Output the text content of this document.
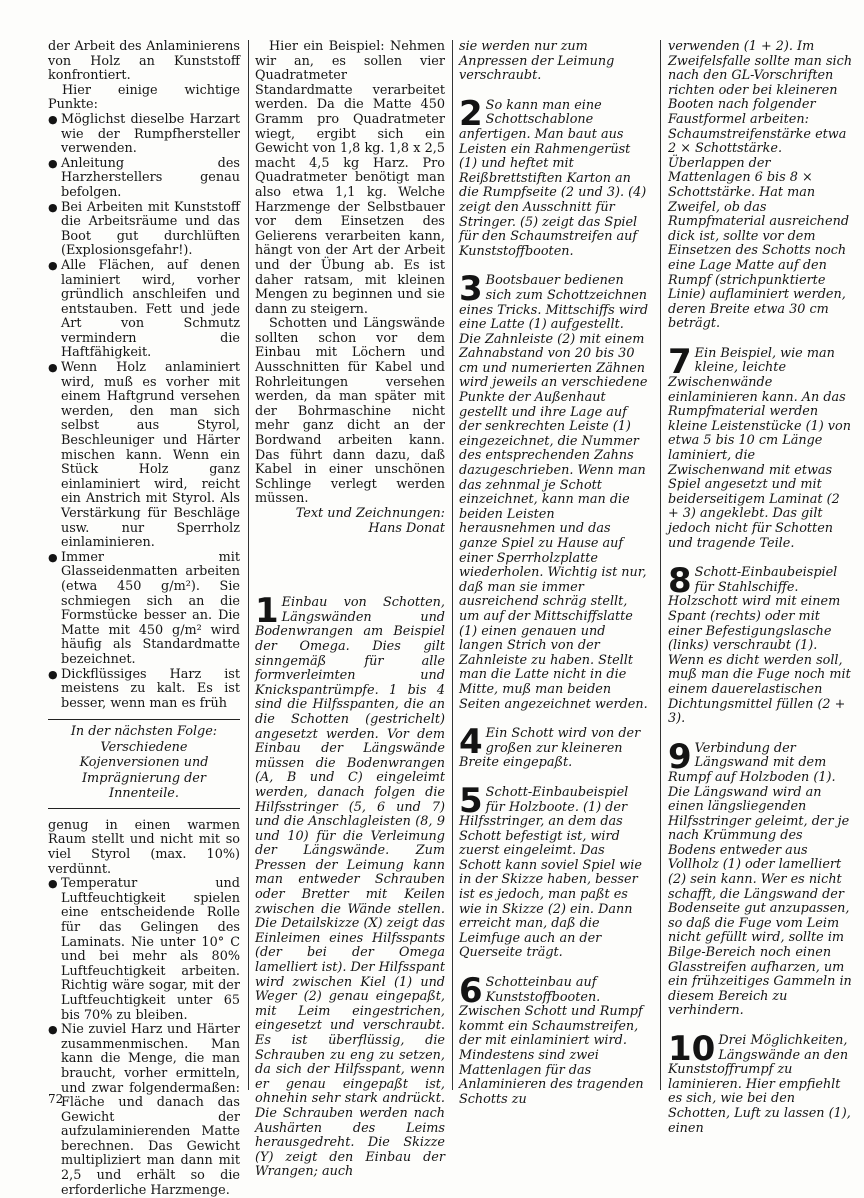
der Arbeit des Anlaminierens von Holz an Kunststoff konfrontiert.

Hier einige wichtige Punkte:

● Möglichst dieselbe Harzart wie der Rumpfhersteller verwenden.
● Anleitung des Harzherstellers genau befolgen.
● Bei Arbeiten mit Kunststoff die Arbeitsräume und das Boot gut durchlüften (Explosionsgefahr!).
● Alle Flächen, auf denen laminiert wird, vorher gründlich anschleifen und entstauben. Fett und jede Art von Schmutz vermindern die Haftfähigkeit.
● Wenn Holz anlaminiert wird, muß es vorher mit einem Haftgrund versehen werden, den man sich selbst aus Styrol, Beschleuniger und Härter mischen kann. Wenn ein Stück Holz ganz einlaminiert wird, reicht ein Anstrich mit Styrol. Als Verstärkung für Beschläge usw. nur Sperrholz einlaminieren.
● Immer mit Glasseidenmatten arbeiten (etwa 450 g/m²). Sie schmiegen sich an die Formstücke besser an. Die Matte mit 450 g/m² wird häufig als Standardmatte bezeichnet.
● Dickflüssiges Harz ist meistens zu kalt. Es ist besser, wenn man es früh
In der nächsten Folge: Verschiedene Kojenversionen und Imprägnierung der Innenteile.

genug in einen warmen Raum stellt und nicht mit so viel Styrol (max. 10%) verdünnt.

● Temperatur und Luftfeuchtigkeit spielen eine entscheidende Rolle für das Gelingen des Laminats. Nie unter 10° C und bei mehr als 80% Luftfeuchtigkeit arbeiten. Richtig wäre sogar, mit der Luftfeuchtigkeit unter 65 bis 70% zu bleiben.
● Nie zuviel Harz und Härter zusammenmischen. Man kann die Menge, die man braucht, vorher ermitteln, und zwar folgendermaßen: Fläche und danach das Gewicht der aufzulaminierenden Matte berechnen. Das Gewicht multipliziert man dann mit 2,5 und erhält so die erforderliche Harzmenge.

Hier ein Beispiel: Nehmen wir an, es sollen vier Quadratmeter Standardmatte verarbeitet werden. Da die Matte 450 Gramm pro Quadratmeter wiegt, ergibt sich ein Gewicht von 1,8 kg. 1,8 x 2,5 macht 4,5 kg Harz. Pro Quadratmeter benötigt man also etwa 1,1 kg. Welche Harzmenge der Selbstbauer vor dem Einsetzen des Gelierens verarbeiten kann, hängt von der Art der Arbeit und der Übung ab. Es ist daher ratsam, mit kleinen Mengen zu beginnen und sie dann zu steigern.

Schotten und Längswände sollten schon vor dem Einbau mit Löchern und Ausschnitten für Kabel und Rohrleitungen versehen werden, da man später mit der Bohrmaschine nicht mehr ganz dicht an der Bordwand arbeiten kann. Das führt dann dazu, daß Kabel in einer unschönen Schlinge verlegt werden müssen.

Text und Zeichnungen:

Hans Donat

1 Einbau von Schotten, Längswänden und Bodenwrangen am Beispiel der Omega. Dies gilt sinngemäß für alle formverleimten und Knickspantrümpfe. 1 bis 4 sind die Hilfsspanten, die an die Schotten (gestrichelt) angesetzt werden. Vor dem Einbau der Längswände müssen die Bodenwrangen (A, B und C) eingeleimt werden, danach folgen die Hilfsstringer (5, 6 und 7) und die Anschlagleisten (8, 9 und 10) für die Verleimung der Längswände. Zum Pressen der Leimung kann man entweder Schrauben oder Bretter mit Keilen zwischen die Wände stellen. Die Detailskizze (X) zeigt das Einleimen eines Hilfsspants (der bei der Omega lamelliert ist). Der Hilfsspant wird zwischen Kiel (1) und Weger (2) genau eingepaßt, mit Leim eingestrichen, eingesetzt und verschraubt. Es ist überflüssig, die Schrauben zu eng zu setzen, da sich der Hilfsspant, wenn er genau eingepaßt ist, ohnehin sehr stark andrückt. Die Schrauben werden nach Aushärten des Leims herausgedreht. Die Skizze (Y) zeigt den Einbau der Wrangen; auch

sie werden nur zum Anpressen der Leimung verschraubt.

2 So kann man eine Schottschablone anfertigen. Man baut aus Leisten ein Rahmengerüst (1) und heftet mit Reißbrettstiften Karton an die Rumpfseite (2 und 3). (4) zeigt den Ausschnitt für Stringer. (5) zeigt das Spiel für den Schaumstreifen auf Kunststoffbooten.
3 Bootsbauer bedienen sich zum Schottzeichnen eines Tricks. Mittschiffs wird eine Latte (1) aufgestellt. Die Zahnleiste (2) mit einem Zahnabstand von 20 bis 30 cm und numerierten Zähnen wird jeweils an verschiedene Punkte der Außenhaut gestellt und ihre Lage auf der senkrechten Leiste (1) eingezeichnet, die Nummer des entsprechenden Zahns dazugeschrieben. Wenn man das zehnmal je Schott einzeichnet, kann man die beiden Leisten herausnehmen und das ganze Spiel zu Hause auf einer Sperrholzplatte wiederholen. Wichtig ist nur, daß man sie immer ausreichend schräg stellt, um auf der Mittschiffslatte (1) einen genauen und langen Strich von der Zahnleiste zu haben. Stellt man die Latte nicht in die Mitte, muß man beiden Seiten angezeichnet werden.
4 Ein Schott wird von der großen zur kleineren Breite eingepaßt.
5 Schott-Einbaubeispiel für Holzboote. (1) der Hilfsstringer, an dem das Schott befestigt ist, wird zuerst eingeleimt. Das Schott kann soviel Spiel wie in der Skizze haben, besser ist es jedoch, man paßt es wie in Skizze (2) ein. Dann erreicht man, daß die Leimfuge auch an der Querseite trägt.
6 Schotteinbau auf Kunststoffbooten. Zwischen Schott und Rumpf kommt ein Schaumstreifen, der mit einlaminiert wird. Mindestens sind zwei Mattenlagen für das Anlaminieren des tragenden Schotts zu

verwenden (1 + 2). Im Zweifelsfalle sollte man sich nach den GL-Vorschriften richten oder bei kleineren Booten nach folgender Faustformel arbeiten: Schaumstreifenstärke etwa 2 × Schottstärke. Überlappen der Mattenlagen 6 bis 8 × Schottstärke. Hat man Zweifel, ob das Rumpfmaterial ausreichend dick ist, sollte vor dem Einsetzen des Schotts noch eine Lage Matte auf den Rumpf (strichpunktierte Linie) auflaminiert werden, deren Breite etwa 30 cm beträgt.

7 Ein Beispiel, wie man kleine, leichte Zwischenwände einlaminieren kann. An das Rumpfmaterial werden kleine Leistenstücke (1) von etwa 5 bis 10 cm Länge laminiert, die Zwischenwand mit etwas Spiel angesetzt und mit beiderseitigem Laminat (2 + 3) angeklebt. Das gilt jedoch nicht für Schotten und tragende Teile.
8 Schott-Einbaubeispiel für Stahlschiffe. Holzschott wird mit einem Spant (rechts) oder mit einer Befestigungslasche (links) verschraubt (1). Wenn es dicht werden soll, muß man die Fuge noch mit einem dauerelastischen Dichtungsmittel füllen (2 + 3).
9 Verbindung der Längswand mit dem Rumpf auf Holzboden (1). Die Längswand wird an einen längsliegenden Hilfsstringer geleimt, der je nach Krümmung des Bodens entweder aus Vollholz (1) oder lamelliert (2) sein kann. Wer es nicht schafft, die Längswand der Bodenseite gut anzupassen, so daß die Fuge vom Leim nicht gefüllt wird, sollte im Bilge-Bereich noch einen Glasstreifen aufharzen, um ein frühzeitiges Gammeln in diesem Bereich zu verhindern.
10 Drei Möglichkeiten, Längswände an den Kunststoffrumpf zu laminieren. Hier empfiehlt es sich, wie bei den Schotten, Luft zu lassen (1), einen
72
